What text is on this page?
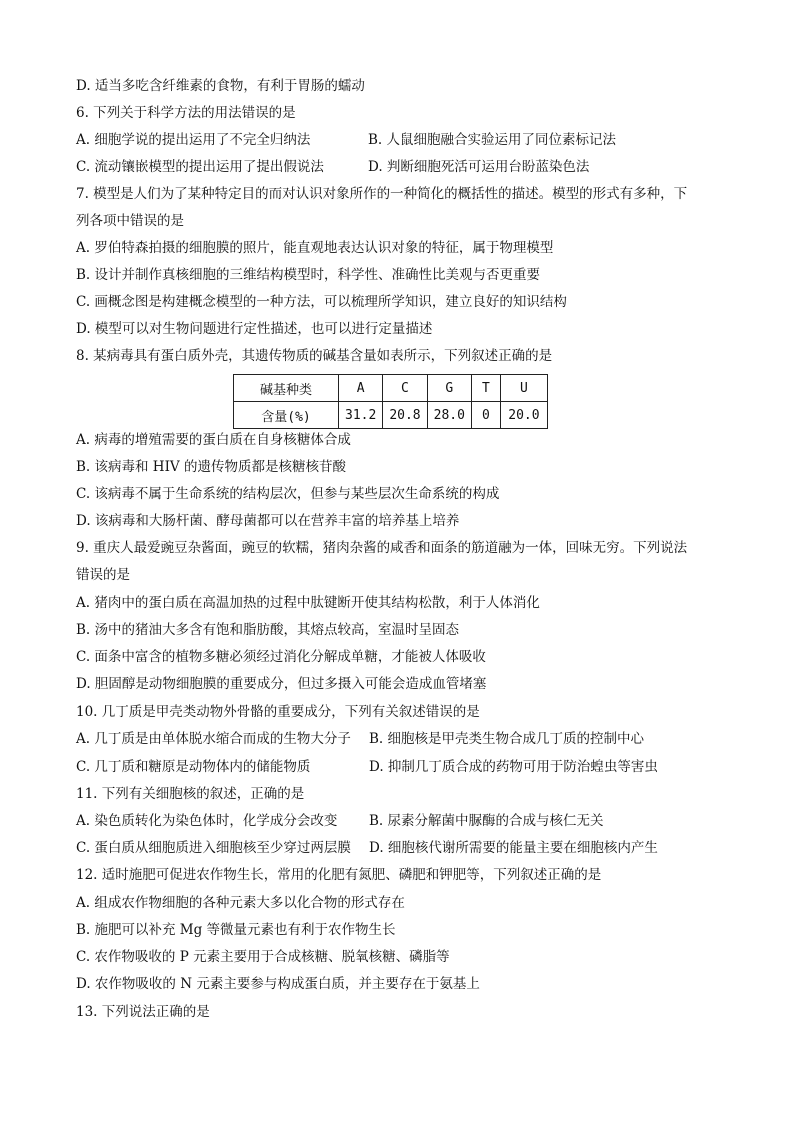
D. 适当多吃含纤维素的食物，有利于胃肠的蠕动
6. 下列关于科学方法的用法错误的是
A. 细胞学说的提出运用了不完全归纳法	B. 人鼠细胞融合实验运用了同位素标记法
C. 流动镶嵌模型的提出运用了提出假说法	D. 判断细胞死活可运用台盼蓝染色法
7. 模型是人们为了某种特定目的而对认识对象所作的一种简化的概括性的描述。模型的形式有多种，下
列各项中错误的是
A. 罗伯特森拍摄的细胞膜的照片，能直观地表达认识对象的特征，属于物理模型
B. 设计并制作真核细胞的三维结构模型时，科学性、准确性比美观与否更重要
C. 画概念图是构建概念模型的一种方法，可以梳理所学知识，建立良好的知识结构
D. 模型可以对生物问题进行定性描述，也可以进行定量描述
8. 某病毒具有蛋白质外壳，其遗传物质的碱基含量如表所示，下列叙述正确的是
碱基种类	A	C	G	T	U
含量(%)	31.2	20.8	28.0	0	20.0
A. 病毒的增殖需要的蛋白质在自身核糖体合成
B. 该病毒和 HIV 的遗传物质都是核糖核苷酸
C. 该病毒不属于生命系统的结构层次，但参与某些层次生命系统的构成
D. 该病毒和大肠杆菌、酵母菌都可以在营养丰富的培养基上培养
9. 重庆人最爱豌豆杂酱面，豌豆的软糯，猪肉杂酱的咸香和面条的筋道融为一体，回味无穷。下列说法
错误的是
A. 猪肉中的蛋白质在高温加热的过程中肽键断开使其结构松散，利于人体消化
B. 汤中的猪油大多含有饱和脂肪酸，其熔点较高，室温时呈固态
C. 面条中富含的植物多糖必须经过消化分解成单糖，才能被人体吸收
D. 胆固醇是动物细胞膜的重要成分，但过多摄入可能会造成血管堵塞
10. 几丁质是甲壳类动物外骨骼的重要成分，下列有关叙述错误的是
A. 几丁质是由单体脱水缩合而成的生物大分子 B. 细胞核是甲壳类生物合成几丁质的控制中心
C. 几丁质和糖原是动物体内的储能物质	D. 抑制几丁质合成的药物可用于防治蝗虫等害虫
11. 下列有关细胞核的叙述，正确的是
A. 染色质转化为染色体时，化学成分会改变 B. 尿素分解菌中脲酶的合成与核仁无关
C. 蛋白质从细胞质进入细胞核至少穿过两层膜 D. 细胞核代谢所需要的能量主要在细胞核内产生
12. 适时施肥可促进农作物生长，常用的化肥有氮肥、磷肥和钾肥等，下列叙述正确的是
A. 组成农作物细胞的各种元素大多以化合物的形式存在
B. 施肥可以补充 Mg 等微量元素也有利于农作物生长
C. 农作物吸收的 P 元素主要用于合成核糖、脱氧核糖、磷脂等
D. 农作物吸收的 N 元素主要参与构成蛋白质，并主要存在于氨基上
13. 下列说法正确的是
